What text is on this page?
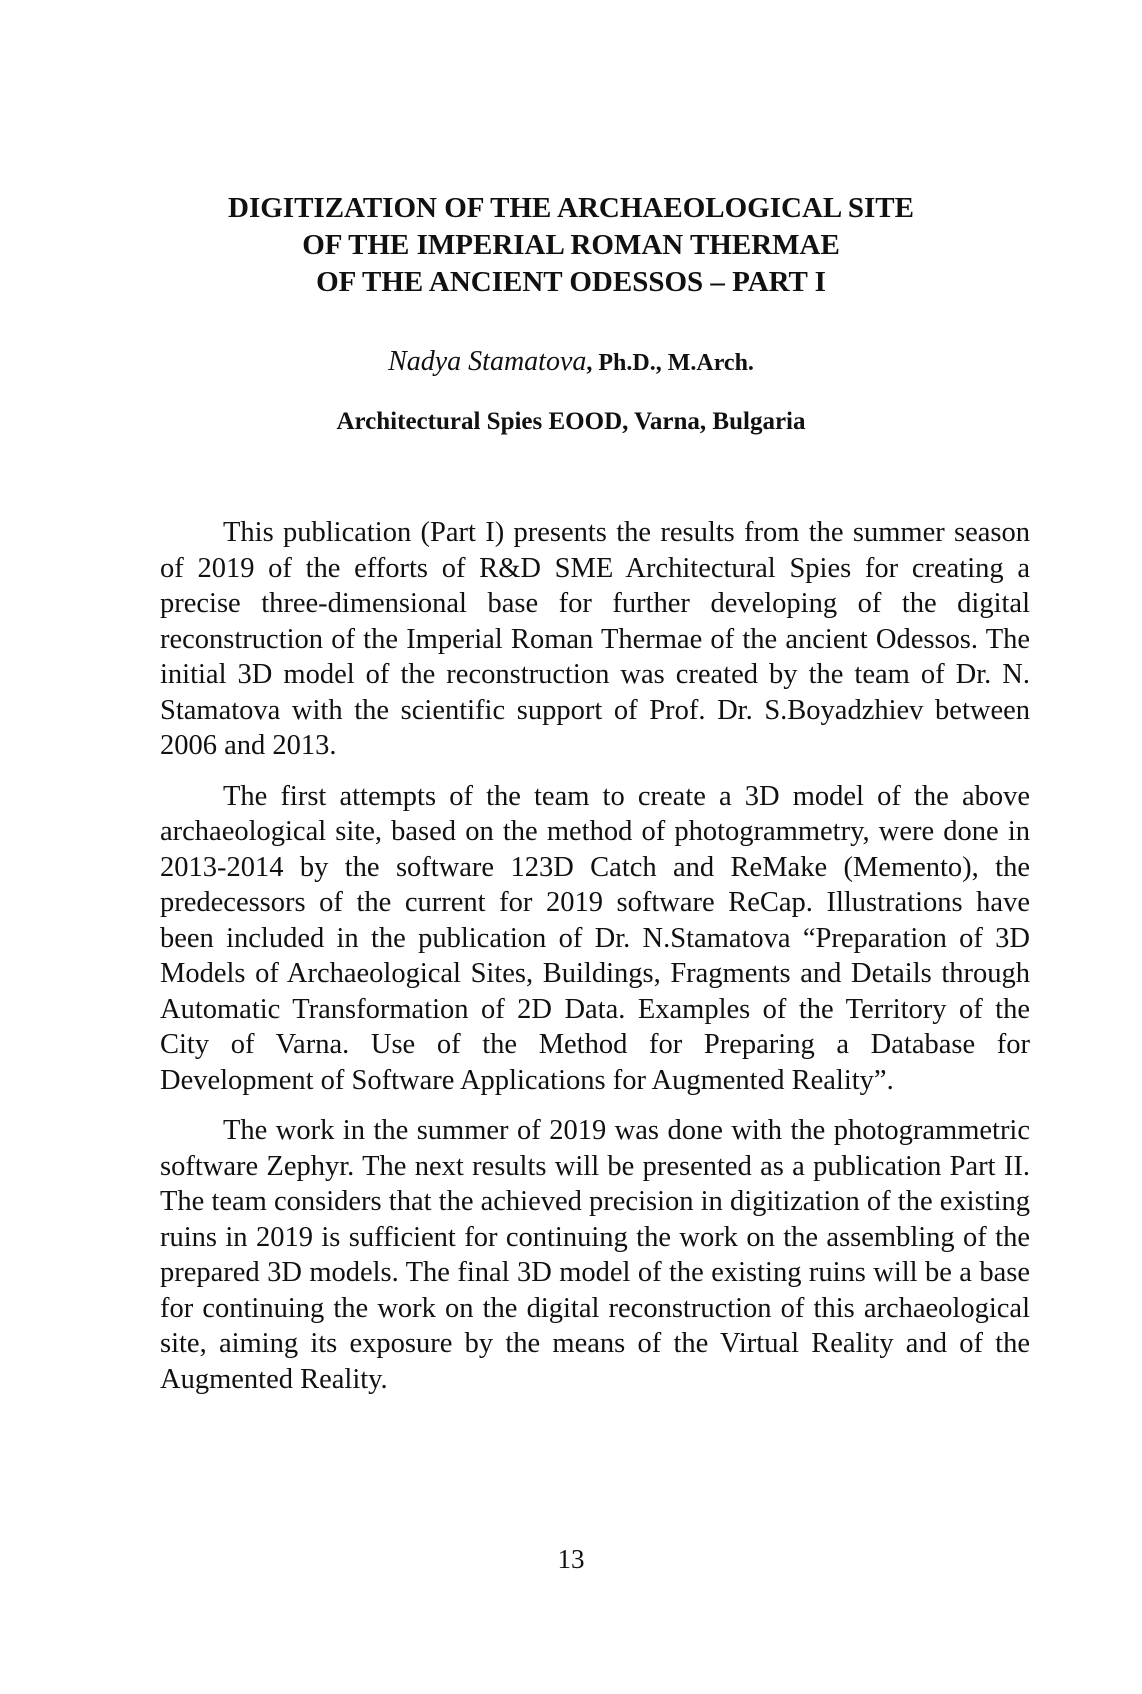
DIGITIZATION OF THE ARCHAEOLOGICAL SITE
OF THE IMPERIAL ROMAN THERMAE
OF THE ANCIENT ODESSOS – PART I
Nadya Stamatova, Ph.D., M.Arch.
Architectural Spies EOOD, Varna, Bulgaria

This publication (Part I) presents the results from the summer season of 2019 of the efforts of R&D SME Architectural Spies for creating a precise three-dimensional base for further developing of the digital reconstruction of the Imperial Roman Thermae of the ancient Odessos. The initial 3D model of the reconstruction was created by the team of Dr. N. Stamatova with the scientific support of Prof. Dr. S.Boyadzhiev between 2006 and 2013.

The first attempts of the team to create a 3D model of the above archaeological site, based on the method of photogrammetry, were done in 2013-2014 by the software 123D Catch and ReMake (Memento), the predecessors of the current for 2019 software ReCap. Illustrations have been included in the publication of Dr. N.Stamatova “Preparation of 3D Models of Archaeological Sites, Buildings, Fragments and Details through Automatic Transformation of 2D Data. Examples of the Territory of the City of Varna. Use of the Method for Preparing a Database for Development of Software Applications for Augmented Reality”.

The work in the summer of 2019 was done with the photogrammetric software Zephyr. The next results will be presented as a publication Part II. The team considers that the achieved precision in digitization of the existing ruins in 2019 is sufficient for continuing the work on the assembling of the prepared 3D models. The final 3D model of the existing ruins will be a base for continuing the work on the digital reconstruction of this archaeological site, aiming its exposure by the means of the Virtual Reality and of the Augmented Reality.

13
